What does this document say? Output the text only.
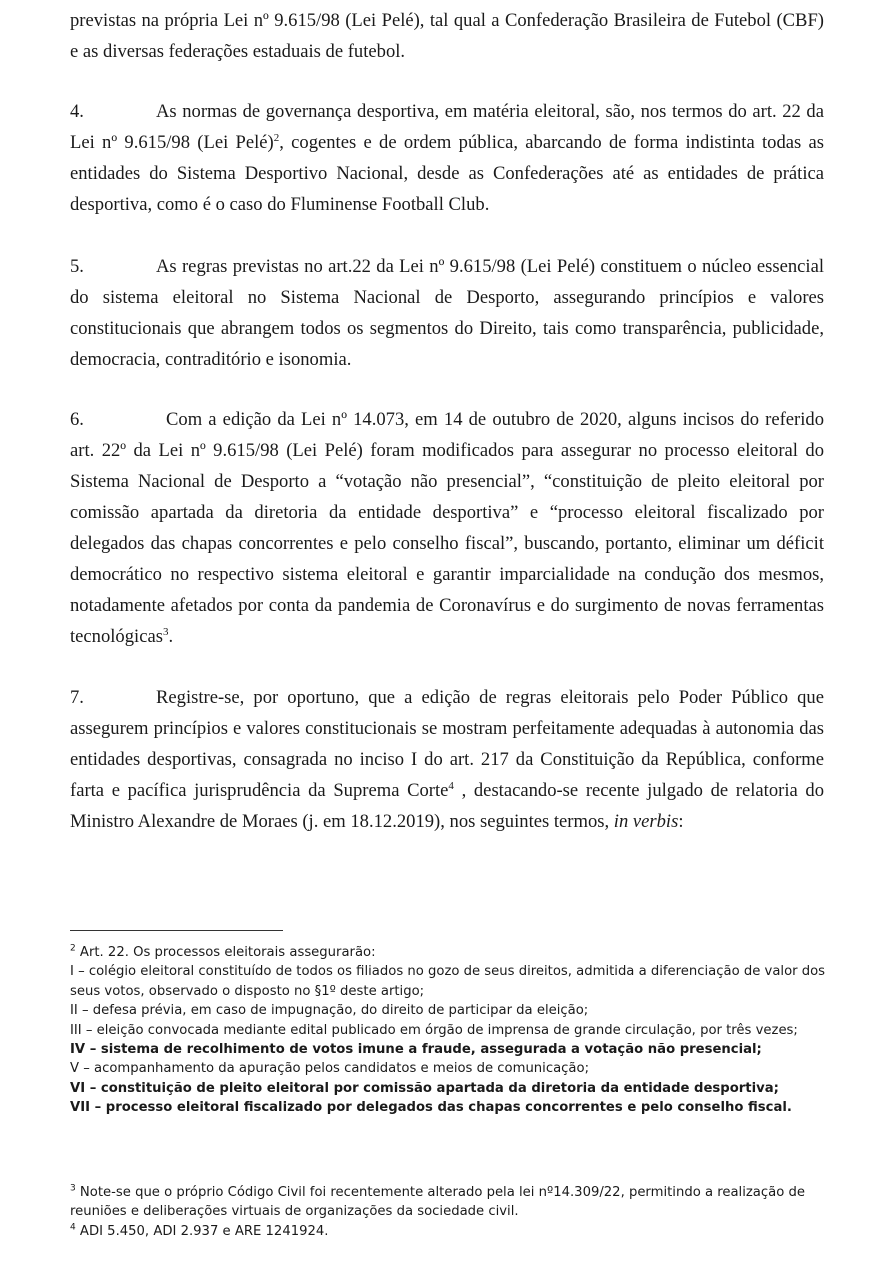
previstas na própria Lei nº 9.615/98 (Lei Pelé), tal qual a Confederação Brasileira de Futebol (CBF) e as diversas federações estaduais de futebol.

4.	As normas de governança desportiva, em matéria eleitoral, são, nos termos do art. 22 da Lei nº 9.615/98 (Lei Pelé)$^2$, cogentes e de ordem pública, abarcando de forma indistinta todas as entidades do Sistema Desportivo Nacional, desde as Confederações até as entidades de prática desportiva, como é o caso do Fluminense Football Club.

5.	As regras previstas no art.22 da Lei nº 9.615/98 (Lei Pelé) constituem o núcleo essencial do sistema eleitoral no Sistema Nacional de Desporto, assegurando princípios e valores constitucionais que abrangem todos os segmentos do Direito, tais como transparência, publicidade, democracia, contraditório e isonomia.

6.	Com a edição da Lei nº 14.073, em 14 de outubro de 2020, alguns incisos do referido art. 22º da Lei nº 9.615/98 (Lei Pelé) foram modificados para assegurar no processo eleitoral do Sistema Nacional de Desporto a “votação não presencial”, “constituição de pleito eleitoral por comissão apartada da diretoria da entidade desportiva” e “processo eleitoral fiscalizado por delegados das chapas concorrentes e pelo conselho fiscal”, buscando, portanto, eliminar um déficit democrático no respectivo sistema eleitoral e garantir imparcialidade na condução dos mesmos, notadamente afetados por conta da pandemia de Coronavírus e do surgimento de novas ferramentas tecnológicas$^3$.

7.	Registre-se, por oportuno, que a edição de regras eleitorais pelo Poder Público que assegurem princípios e valores constitucionais se mostram perfeitamente adequadas à autonomia das entidades desportivas, consagrada no inciso I do art. 217 da Constituição da República, conforme farta e pacífica jurisprudência da Suprema Corte$^4$ , destacando-se recente julgado de relatoria do Ministro Alexandre de Moraes (j. em 18.12.2019), nos seguintes termos, in verbis:

$^2$ Art. 22. Os processos eleitorais assegurarão:

I – colégio eleitoral constituído de todos os filiados no gozo de seus direitos, admitida a diferenciação de valor dos seus votos, observado o disposto no §1º deste artigo;

II – defesa prévia, em caso de impugnação, do direito de participar da eleição;

III – eleição convocada mediante edital publicado em órgão de imprensa de grande circulação, por três vezes;

IV – sistema de recolhimento de votos imune a fraude, assegurada a votação não presencial;

V – acompanhamento da apuração pelos candidatos e meios de comunicação;

VI – constituição de pleito eleitoral por comissão apartada da diretoria da entidade desportiva;

VII – processo eleitoral fiscalizado por delegados das chapas concorrentes e pelo conselho fiscal.

$^3$ Note-se que o próprio Código Civil foi recentemente alterado pela lei nº14.309/22, permitindo a realização de reuniões e deliberações virtuais de organizações da sociedade civil.

$^4$ ADI 5.450, ADI 2.937 e ARE 1241924.
